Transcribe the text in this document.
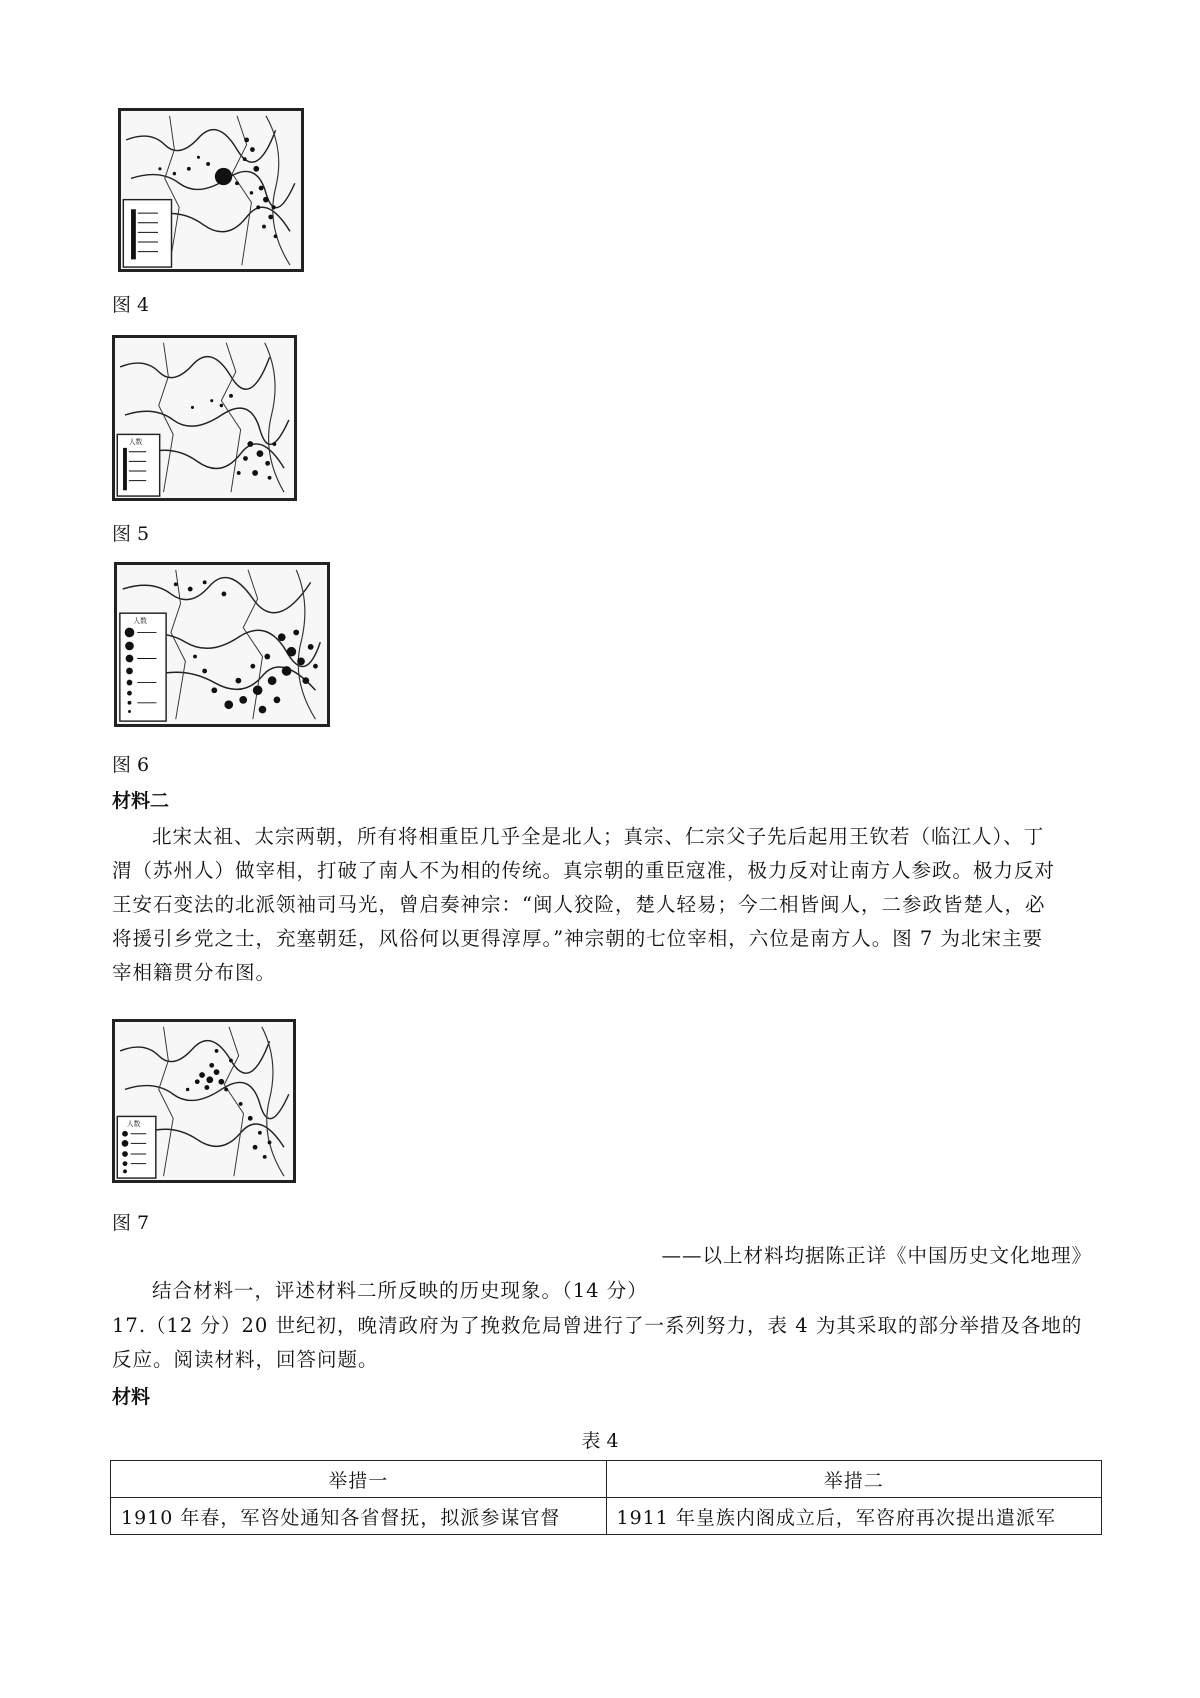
图 4
人数
图 5
人数
图 6
材料二
北宋太祖、太宗两朝，所有将相重臣几乎全是北人；真宗、仁宗父子先后起用王钦若（临江人）、丁
渭（苏州人）做宰相，打破了南人不为相的传统。真宗朝的重臣寇准，极力反对让南方人参政。极力反对
王安石变法的北派领袖司马光，曾启奏神宗：“闽人狡险，楚人轻易；今二相皆闽人，二参政皆楚人，必
将援引乡党之士，充塞朝廷，风俗何以更得淳厚。”神宗朝的七位宰相，六位是南方人。图 7 为北宋主要
宰相籍贯分布图。
人数
图 7
——以上材料均据陈正详《中国历史文化地理》
结合材料一，评述材料二所反映的历史现象。（14 分）
17.（12 分）20 世纪初，晚清政府为了挽救危局曾进行了一系列努力，表 4 为其采取的部分举措及各地的
反应。阅读材料，回答问题。
材料
表 4
举措一	举措二
1910 年春，军咨处通知各省督抚，拟派参谋官督	1911 年皇族内阁成立后，军咨府再次提出遣派军
